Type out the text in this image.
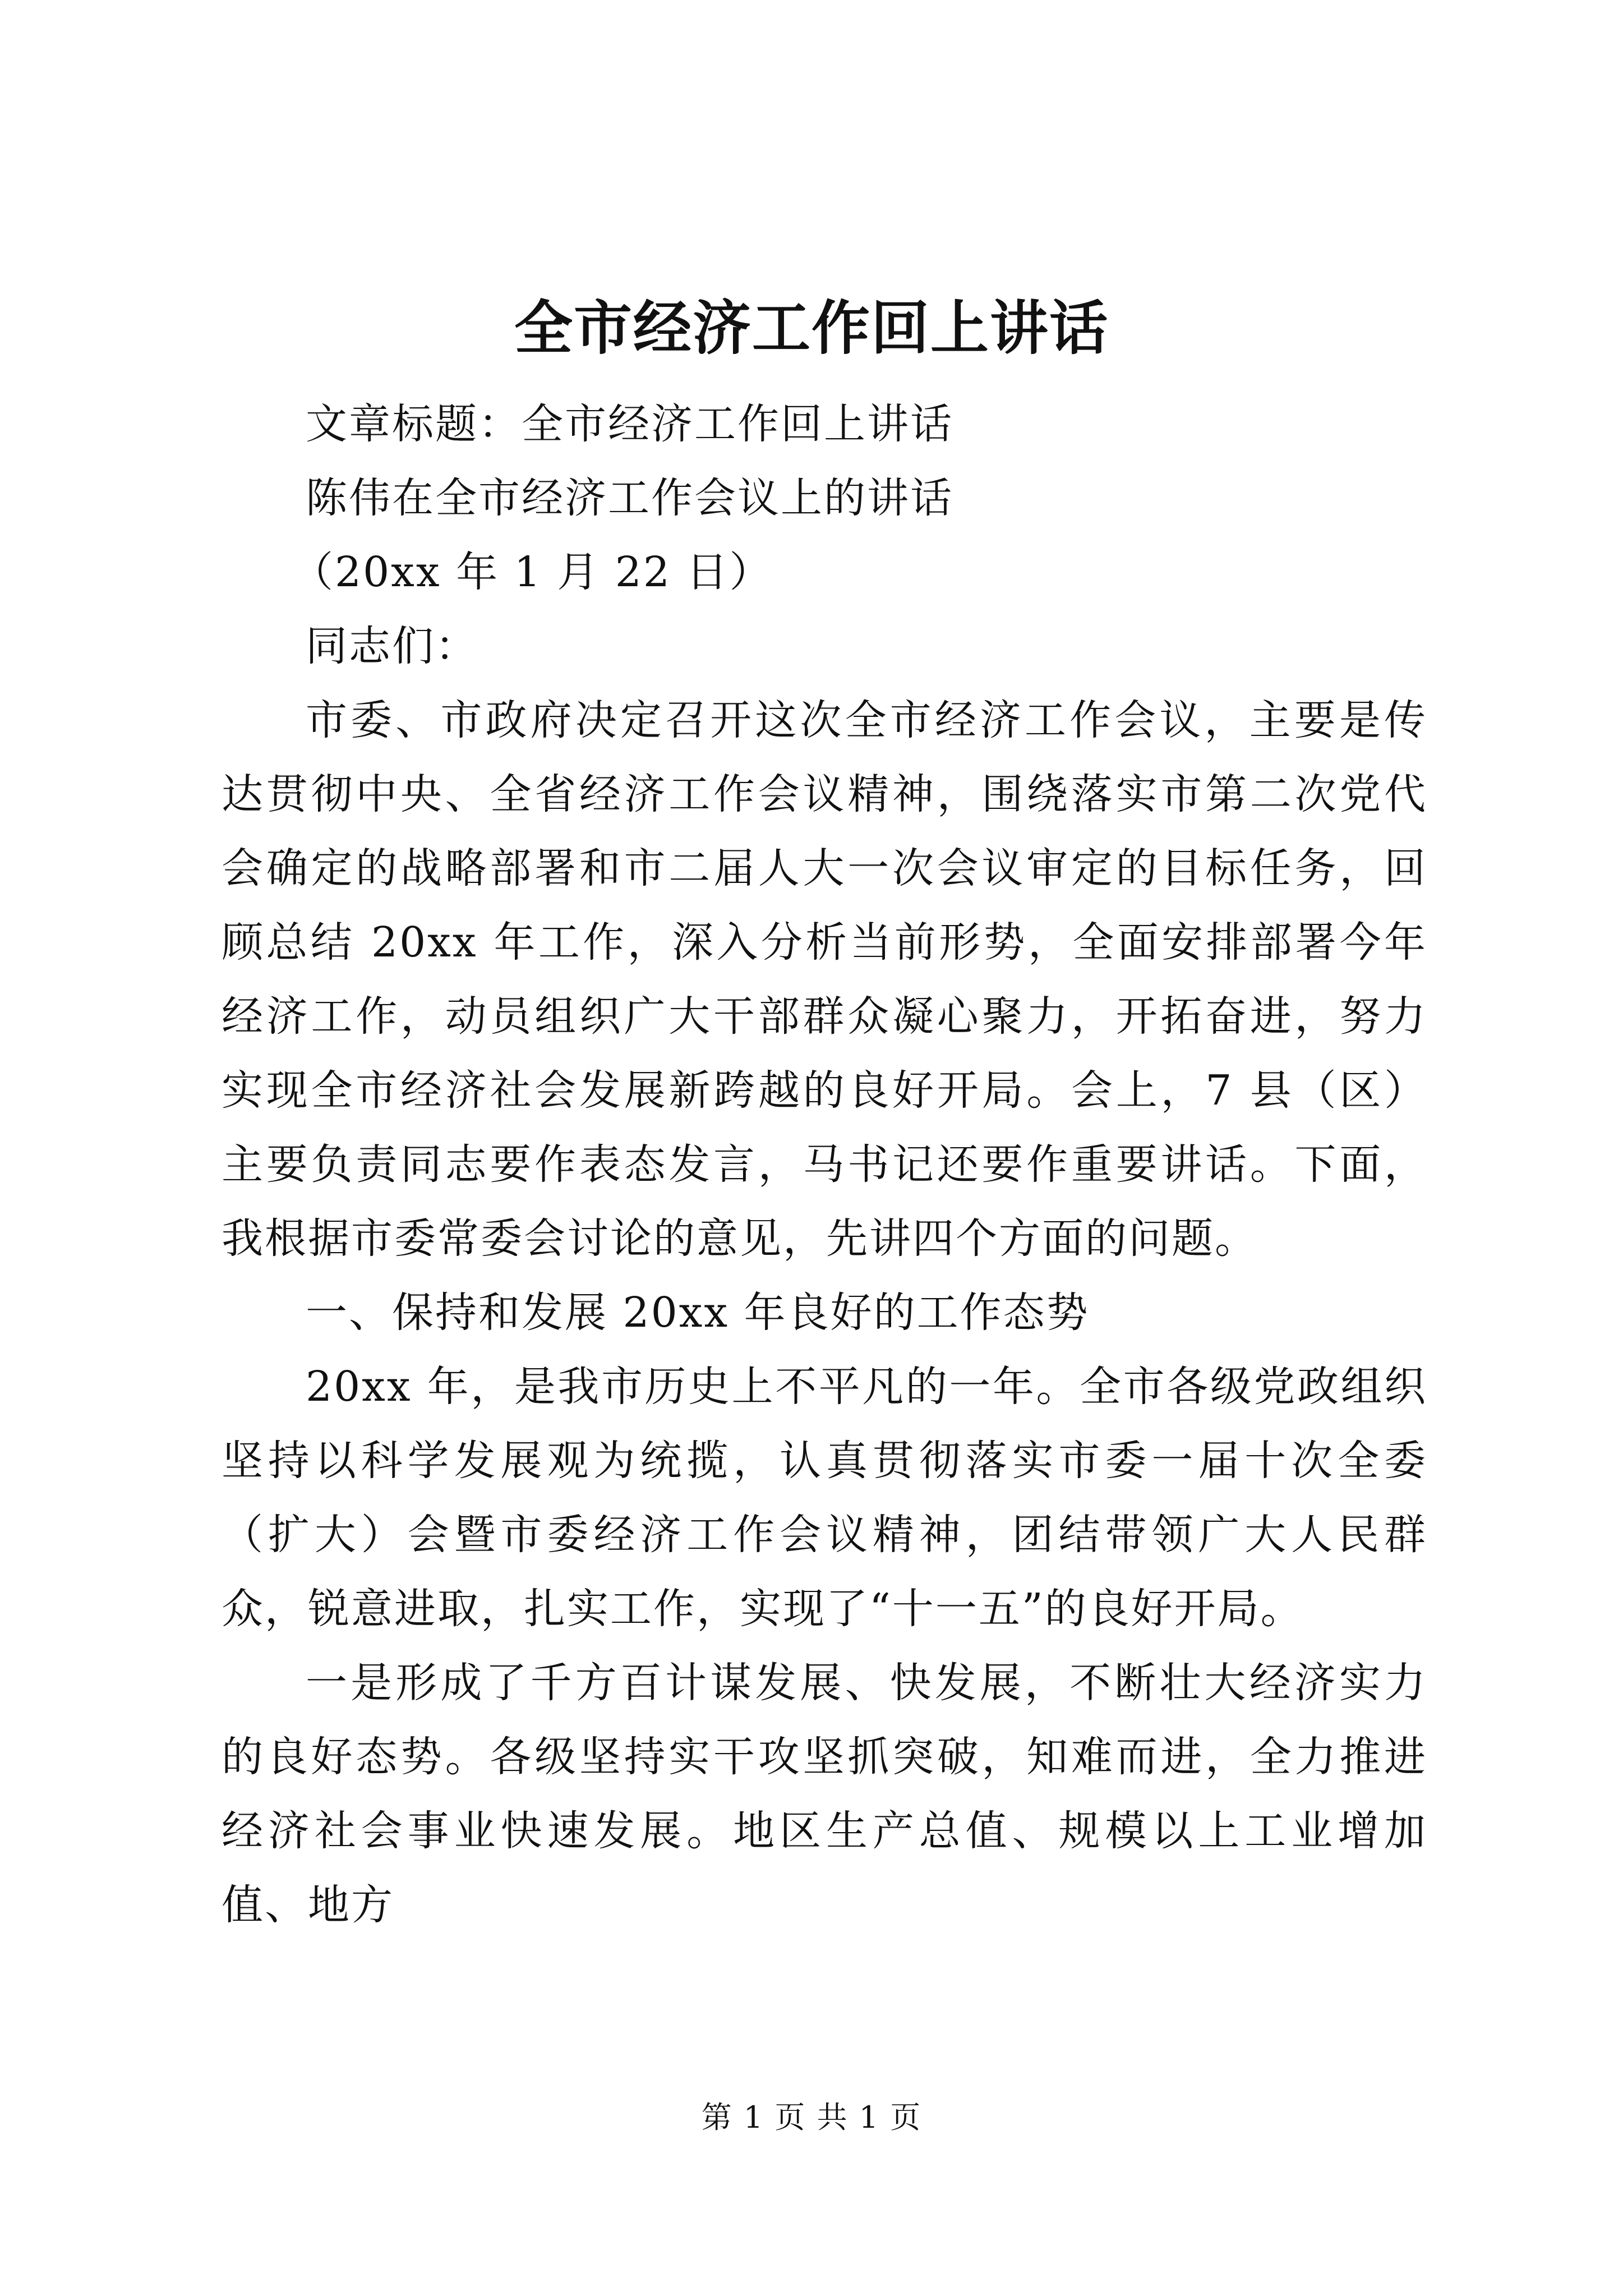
全市经济工作回上讲话
文章标题：全市经济工作回上讲话
陈伟在全市经济工作会议上的讲话
（20xx 年 1 月 22 日）
同志们：

市委、市政府决定召开这次全市经济工作会议，主要是传达贯彻中央、全省经济工作会议精神，围绕落实市第二次党代会确定的战略部署和市二届人大一次会议审定的目标任务，回顾总结 20xx 年工作，深入分析当前形势，全面安排部署今年经济工作，动员组织广大干部群众凝心聚力，开拓奋进，努力实现全市经济社会发展新跨越的良好开局。会上，7 县（区）主要负责同志要作表态发言，马书记还要作重要讲话。下面，我根据市委常委会讨论的意见，先讲四个方面的问题。

一、保持和发展 20xx 年良好的工作态势

20xx 年，是我市历史上不平凡的一年。全市各级党政组织坚持以科学发展观为统揽，认真贯彻落实市委一届十次全委（扩大）会暨市委经济工作会议精神，团结带领广大人民群众，锐意进取，扎实工作，实现了“十一五”的良好开局。

一是形成了千方百计谋发展、快发展，不断壮大经济实力的良好态势。各级坚持实干攻坚抓突破，知难而进，全力推进经济社会事业快速发展。地区生产总值、规模以上工业增加值、地方

第 1 页 共 1 页
